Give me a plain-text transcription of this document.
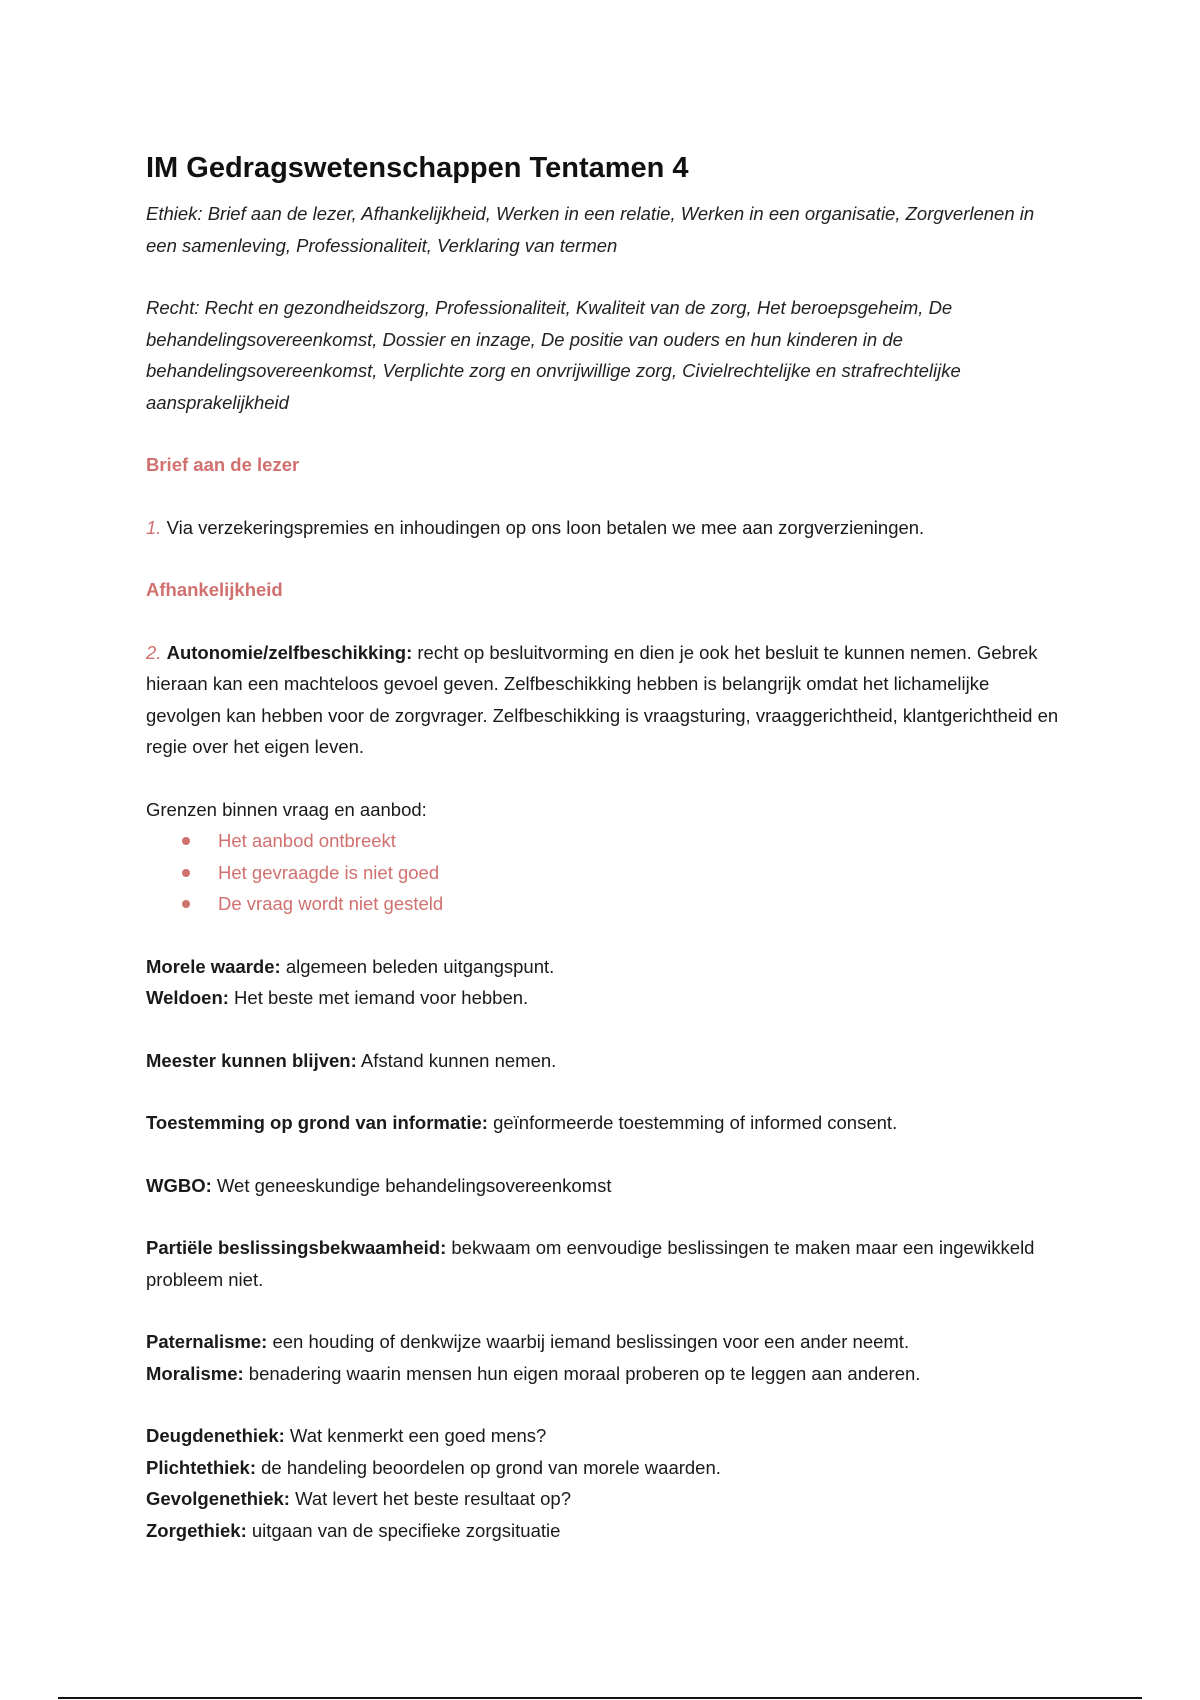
IM Gedragswetenschappen Tentamen 4

Ethiek: Brief aan de lezer, Afhankelijkheid, Werken in een relatie, Werken in een organisatie, Zorgverlenen in een samenleving, Professionaliteit, Verklaring van termen

Recht: Recht en gezondheidszorg, Professionaliteit, Kwaliteit van de zorg, Het beroepsgeheim, De behandelingsovereenkomst, Dossier en inzage, De positie van ouders en hun kinderen in de behandelingsovereenkomst, Verplichte zorg en onvrijwillige zorg, Civielrechtelijke en strafrechtelijke aansprakelijkheid

Brief aan de lezer

1. Via verzekeringspremies en inhoudingen op ons loon betalen we mee aan zorgverzieningen.

Afhankelijkheid

2. Autonomie/zelfbeschikking: recht op besluitvorming en dien je ook het besluit te kunnen nemen. Gebrek hieraan kan een machteloos gevoel geven. Zelfbeschikking hebben is belangrijk omdat het lichamelijke gevolgen kan hebben voor de zorgvrager. Zelfbeschikking is vraagsturing, vraaggerichtheid, klantgerichtheid en regie over het eigen leven.

Grenzen binnen vraag en aanbod:

Het aanbod ontbreekt
Het gevraagde is niet goed
De vraag wordt niet gesteld

Morele waarde: algemeen beleden uitgangspunt.

Weldoen: Het beste met iemand voor hebben.

Meester kunnen blijven: Afstand kunnen nemen.

Toestemming op grond van informatie: geïnformeerde toestemming of informed consent.

WGBO: Wet geneeskundige behandelingsovereenkomst

Partiële beslissingsbekwaamheid: bekwaam om eenvoudige beslissingen te maken maar een ingewikkeld probleem niet.

Paternalisme: een houding of denkwijze waarbij iemand beslissingen voor een ander neemt.

Moralisme: benadering waarin mensen hun eigen moraal proberen op te leggen aan anderen.

Deugdenethiek: Wat kenmerkt een goed mens?

Plichtethiek: de handeling beoordelen op grond van morele waarden.

Gevolgenethiek: Wat levert het beste resultaat op?

Zorgethiek: uitgaan van de specifieke zorgsituatie
